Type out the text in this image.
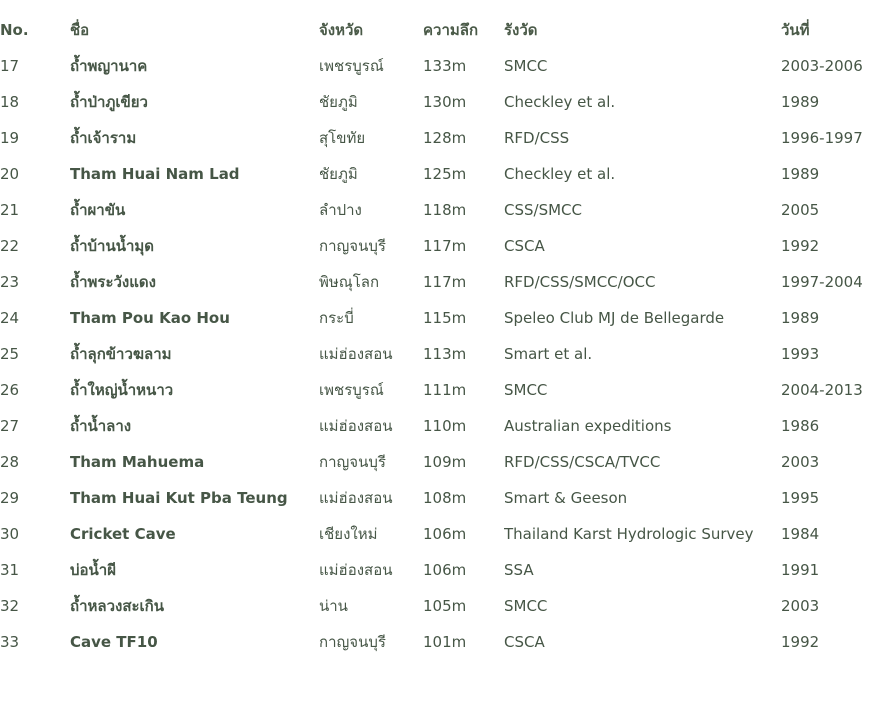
No.	ชื่อ	จังหวัด	ความลึก	รังวัด	วันที่
17	ถ้ำพญานาค	เพชรบูรณ์	133m	SMCC	2003-2006
18	ถ้ำป่าภูเขียว	ชัยภูมิ	130m	Checkley et al.	1989
19	ถ้ำเจ้าราม	สุโขทัย	128m	RFD/CSS	1996-1997
20	Tham Huai Nam Lad	ชัยภูมิ	125m	Checkley et al.	1989
21	ถ้ำผาขัน	ลำปาง	118m	CSS/SMCC	2005
22	ถ้ำบ้านน้ำมุด	กาญจนบุรี	117m	CSCA	1992
23	ถ้ำพระวังแดง	พิษณุโลก	117m	RFD/CSS/SMCC/OCC	1997-2004
24	Tham Pou Kao Hou	กระบี่	115m	Speleo Club MJ de Bellegarde	1989
25	ถ้ำลุกข้าวฆลาม	แม่ฮ่องสอน	113m	Smart et al.	1993
26	ถ้ำใหญ่น้ำหนาว	เพชรบูรณ์	111m	SMCC	2004-2013
27	ถ้ำน้ำลาง	แม่ฮ่องสอน	110m	Australian expeditions	1986
28	Tham Mahuema	กาญจนบุรี	109m	RFD/CSS/CSCA/TVCC	2003
29	Tham Huai Kut Pba Teung	แม่ฮ่องสอน	108m	Smart & Geeson	1995
30	Cricket Cave	เชียงใหม่	106m	Thailand Karst Hydrologic Survey	1984
31	บ่อน้ำผี	แม่ฮ่องสอน	106m	SSA	1991
32	ถ้ำหลวงสะเกิน	น่าน	105m	SMCC	2003
33	Cave TF10	กาญจนบุรี	101m	CSCA	1992
